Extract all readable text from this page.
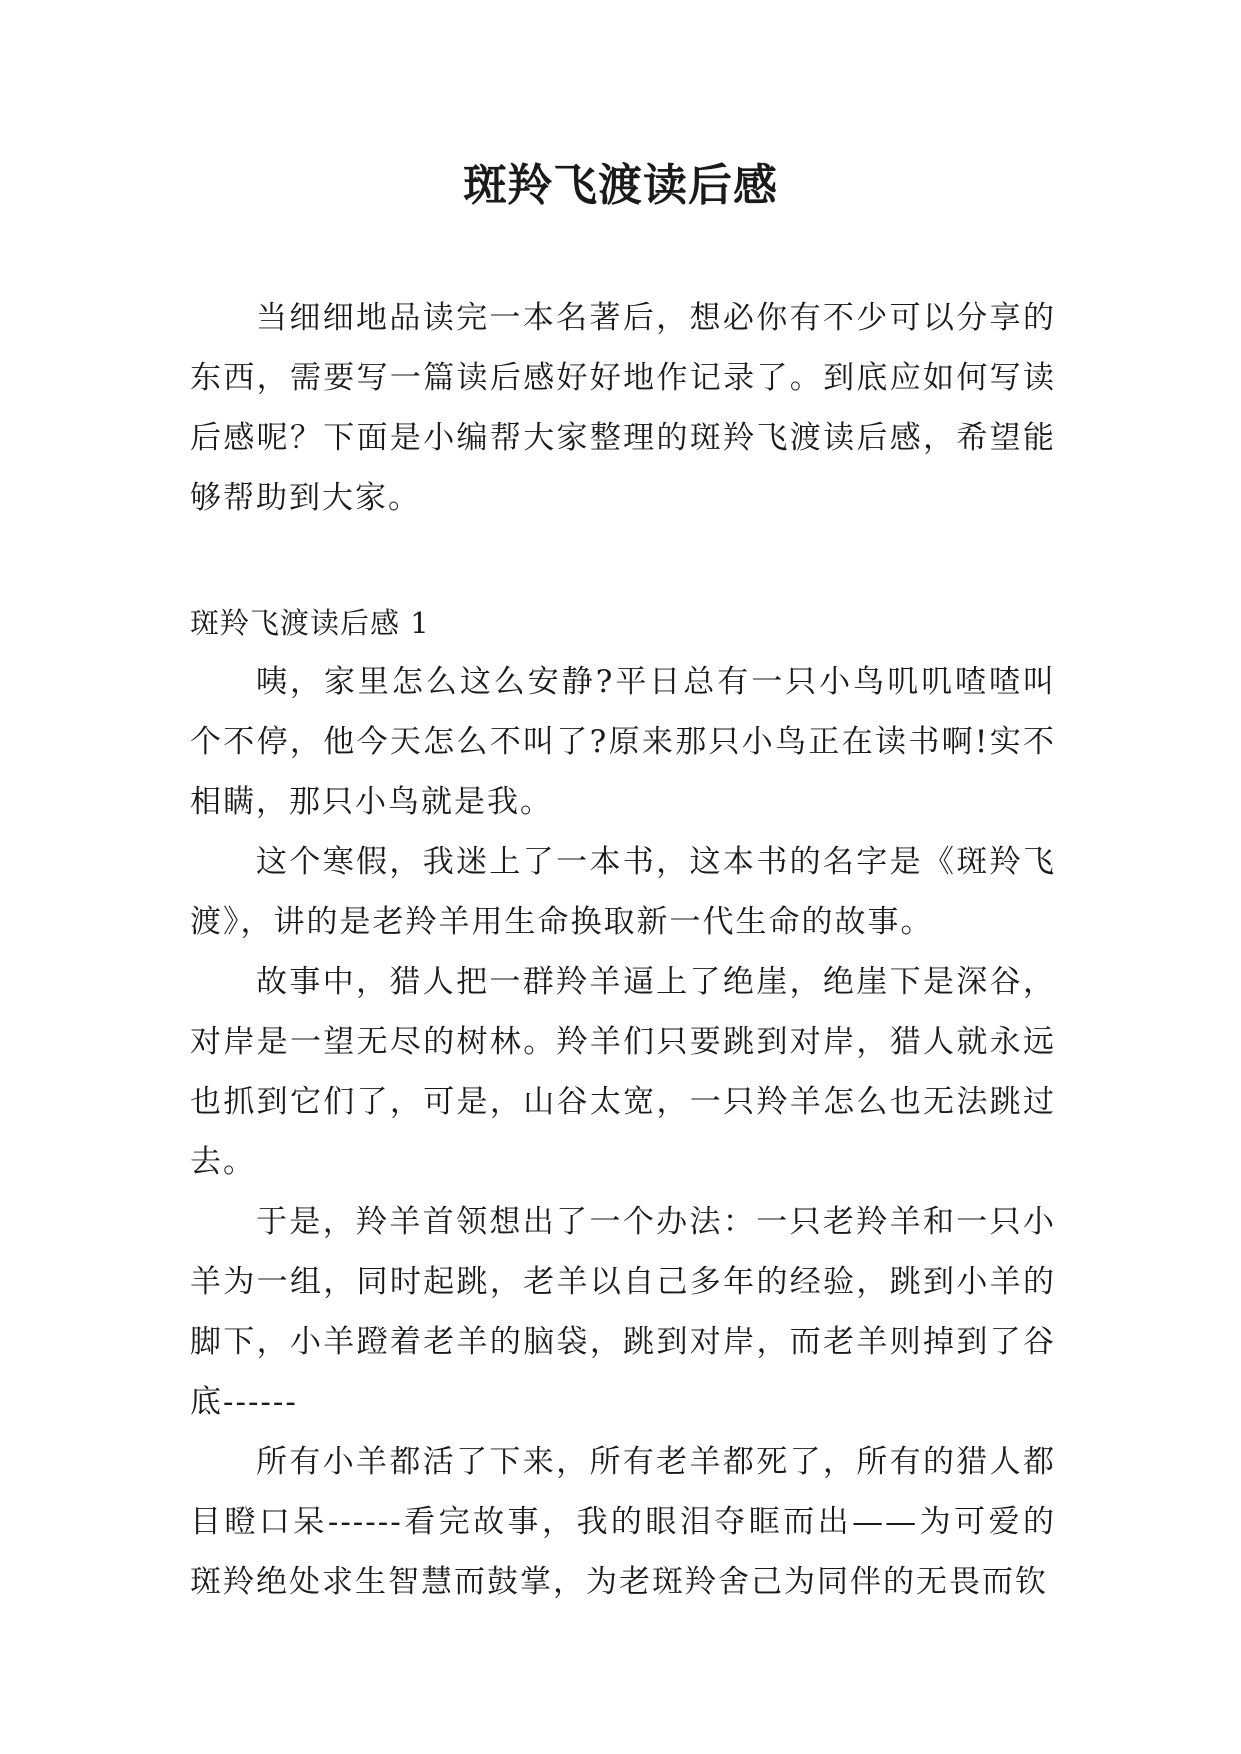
斑羚飞渡读后感

当细细地品读完一本名著后，想必你有不少可以分享的东西，需要写一篇读后感好好地作记录了。到底应如何写读后感呢？下面是小编帮大家整理的斑羚飞渡读后感，希望能够帮助到大家。

斑羚飞渡读后感 1

咦，家里怎么这么安静?平日总有一只小鸟叽叽喳喳叫个不停，他今天怎么不叫了?原来那只小鸟正在读书啊!实不相瞒，那只小鸟就是我。

这个寒假，我迷上了一本书，这本书的名字是《斑羚飞渡》，讲的是老羚羊用生命换取新一代生命的故事。

故事中，猎人把一群羚羊逼上了绝崖，绝崖下是深谷，对岸是一望无尽的树林。羚羊们只要跳到对岸，猎人就永远也抓到它们了，可是，山谷太宽，一只羚羊怎么也无法跳过去。

于是，羚羊首领想出了一个办法：一只老羚羊和一只小羊为一组，同时起跳，老羊以自己多年的经验，跳到小羊的脚下，小羊蹬着老羊的脑袋，跳到对岸，而老羊则掉到了谷底------

所有小羊都活了下来，所有老羊都死了，所有的猎人都目瞪口呆------看完故事，我的眼泪夺眶而出——为可爱的斑羚绝处求生智慧而鼓掌，为老斑羚舍己为同伴的无畏而钦
